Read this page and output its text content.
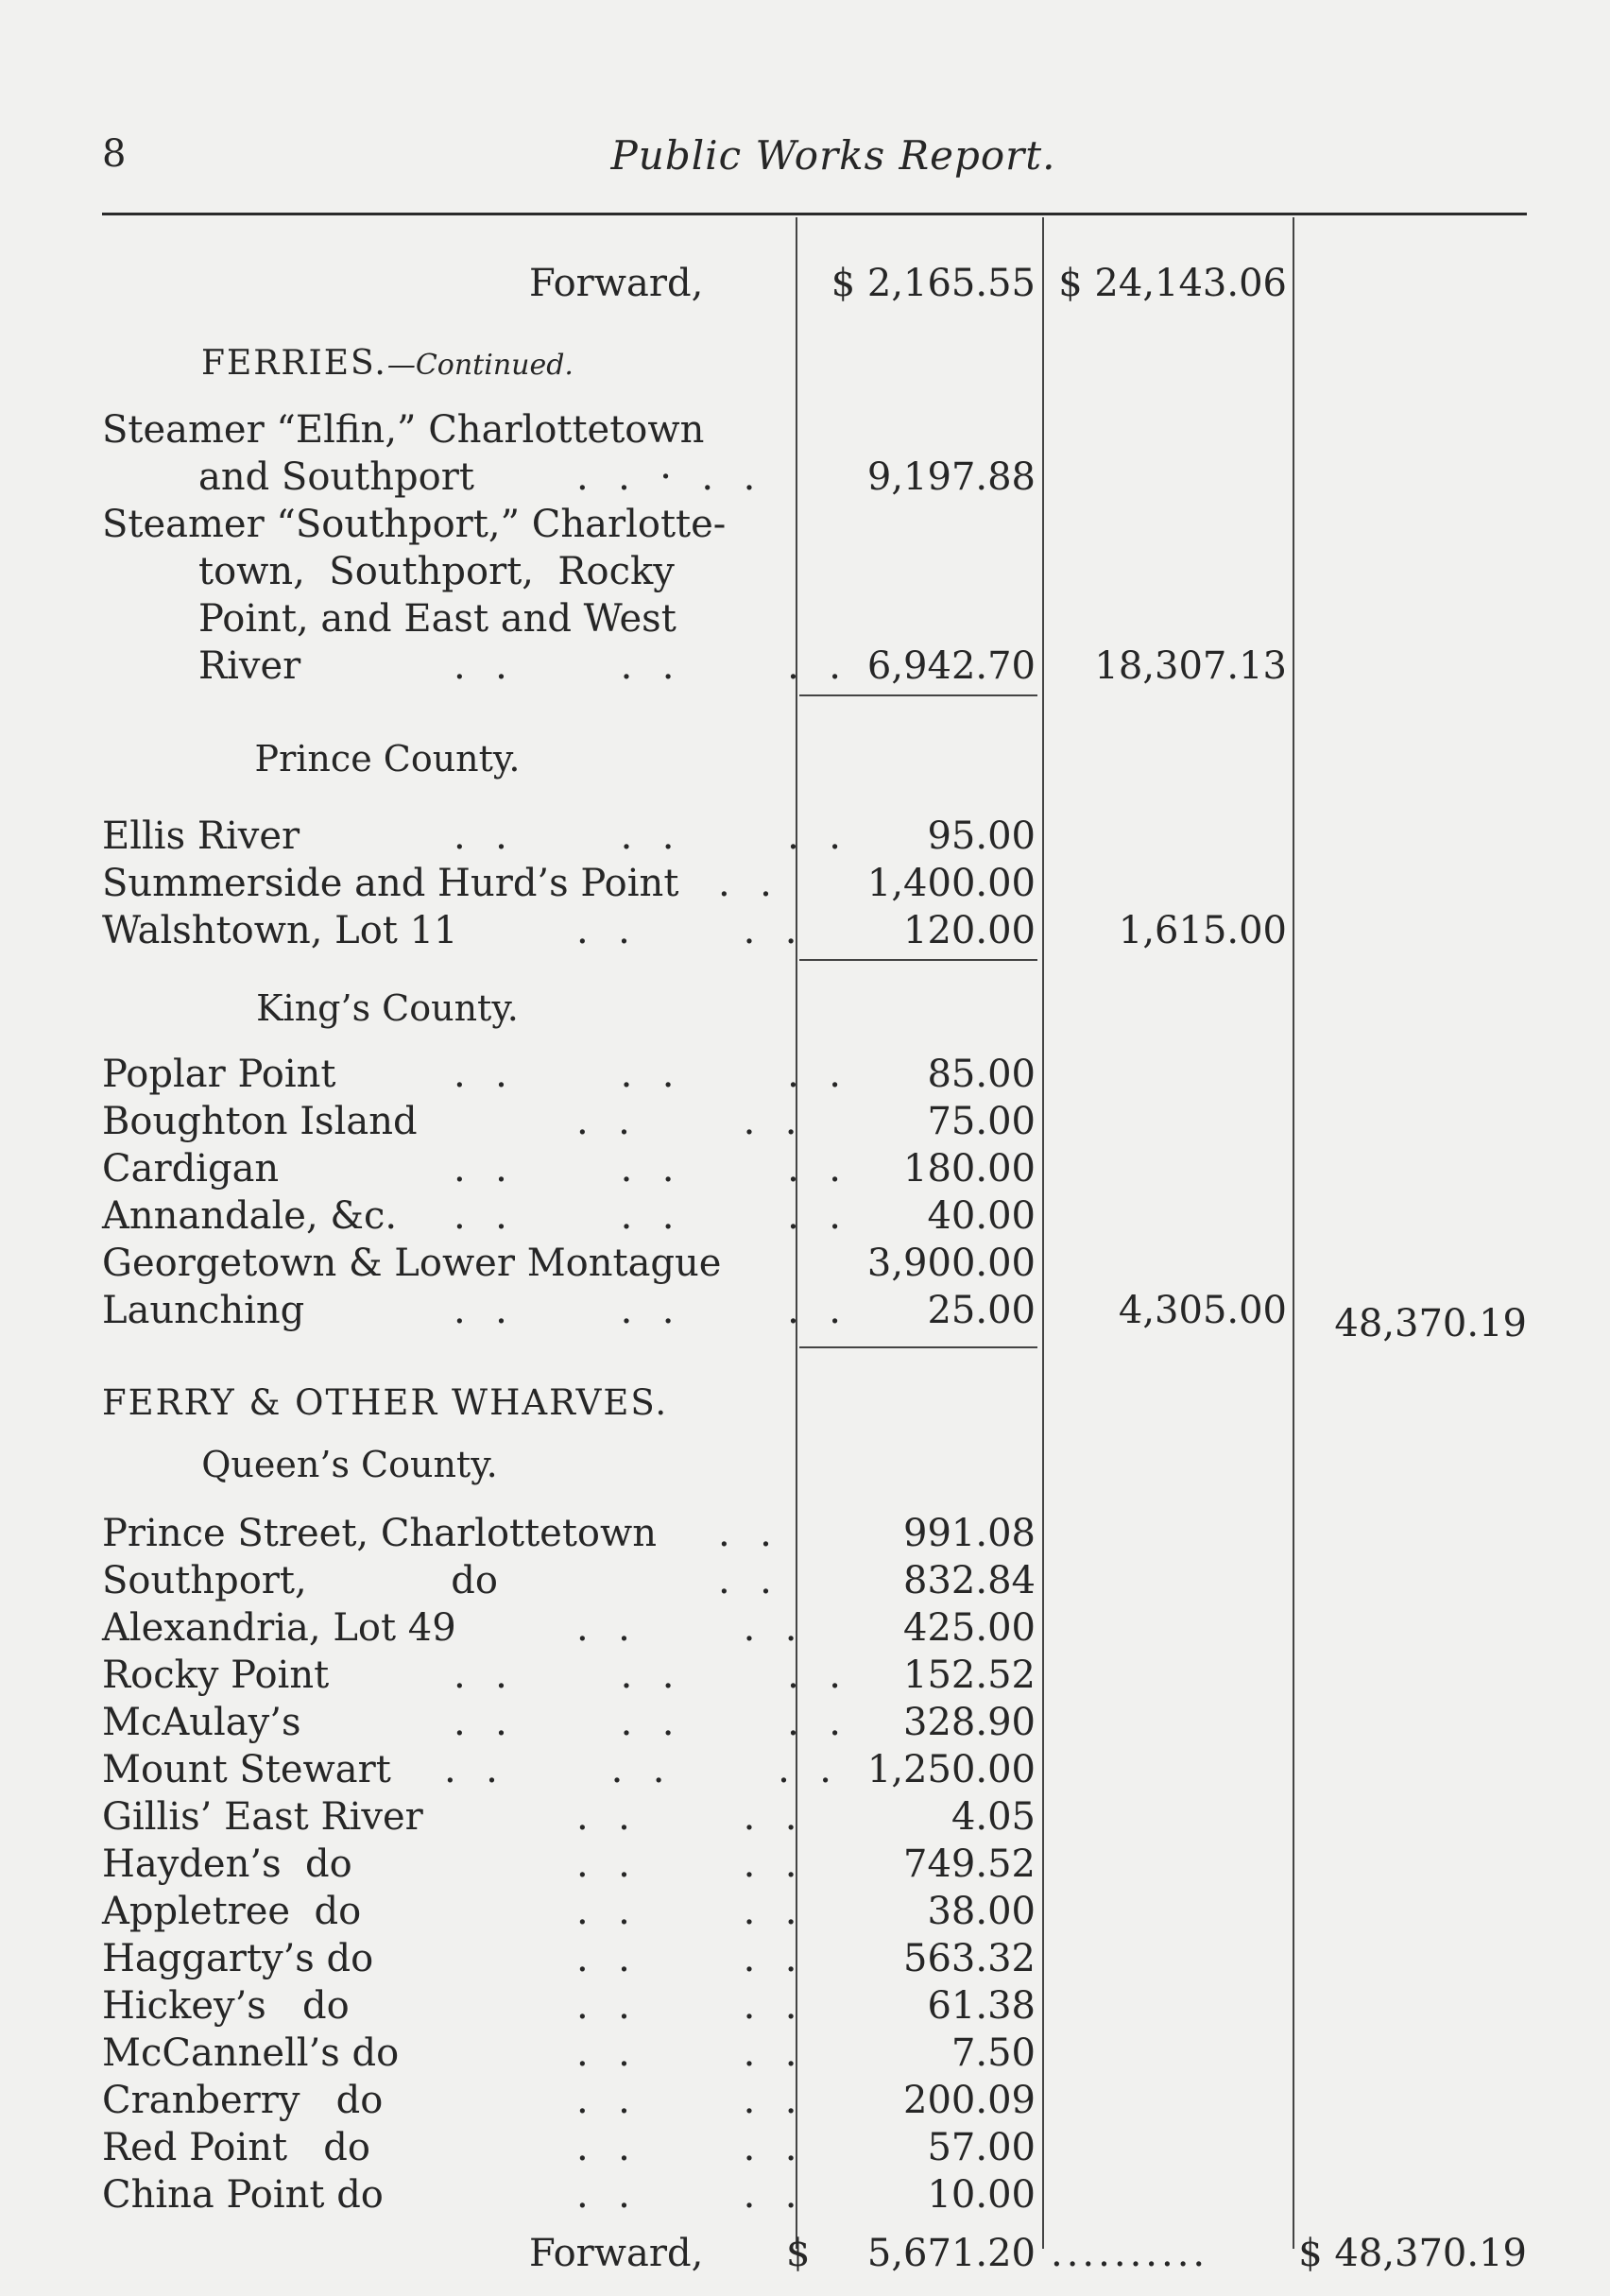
8	Public Works Report.
Forward,	$ 2,165.55 $ 24,143.06
FERRIES.—Continued.
Steamer “Elfin,” Charlottetown
and Southport	.  .  ·  .  .	9,197.88
Steamer “Southport,” Charlotte-
town,  Southport,  Rocky
Point, and East and West
River	.  .        .  .        .  . 6,942.70	18,307.13
Prince County.
Ellis River	.  .        .  .        .  .	95.00
Summerside and Hurd’s Point .  .	1,400.00
Walshtown, Lot 11	.  .        .  .	120.00	1,615.00
King’s County.
Poplar Point	.  .        .  .        .  .	85.00
Boughton Island	.  .        .  .	75.00
Cardigan	.  .        .  .        .  .	180.00
Annandale, &c. .  .        .  .        .  .	40.00
Georgetown & Lower Montague	3,900.00
Launching	.  .        .  .        .  .	25.00	4,305.00	48,370.19
FERRY & OTHER WHARVES.
Queen’s County.
Prince Street, Charlottetown .  .	991.08
Southport,            do	.  .	832.84
Alexandria, Lot 49	.  .        .  .	425.00
Rocky Point	.  .        .  .        .  .	152.52
McAulay’s	.  .        .  .        .  .	328.90
Mount Stewart .  .        .  .        .  . 1,250.00
Gillis’ East River	.  .        .  .	4.05
Hayden’s  do	.  .        .  .	749.52
Appletree  do	.  .        .  .	38.00
Haggarty’s do	.  .        .  .	563.32
Hickey’s   do	.  .        .  .	61.38
McCannell’s do	.  .        .  .	7.50
Cranberry   do	.  .        .  .	200.09
Red Point   do	.  .        .  .	57.00
China Point do	.  .        .  .	10.00
Forward, $	5,671.20 ..........	$ 48,370.19
